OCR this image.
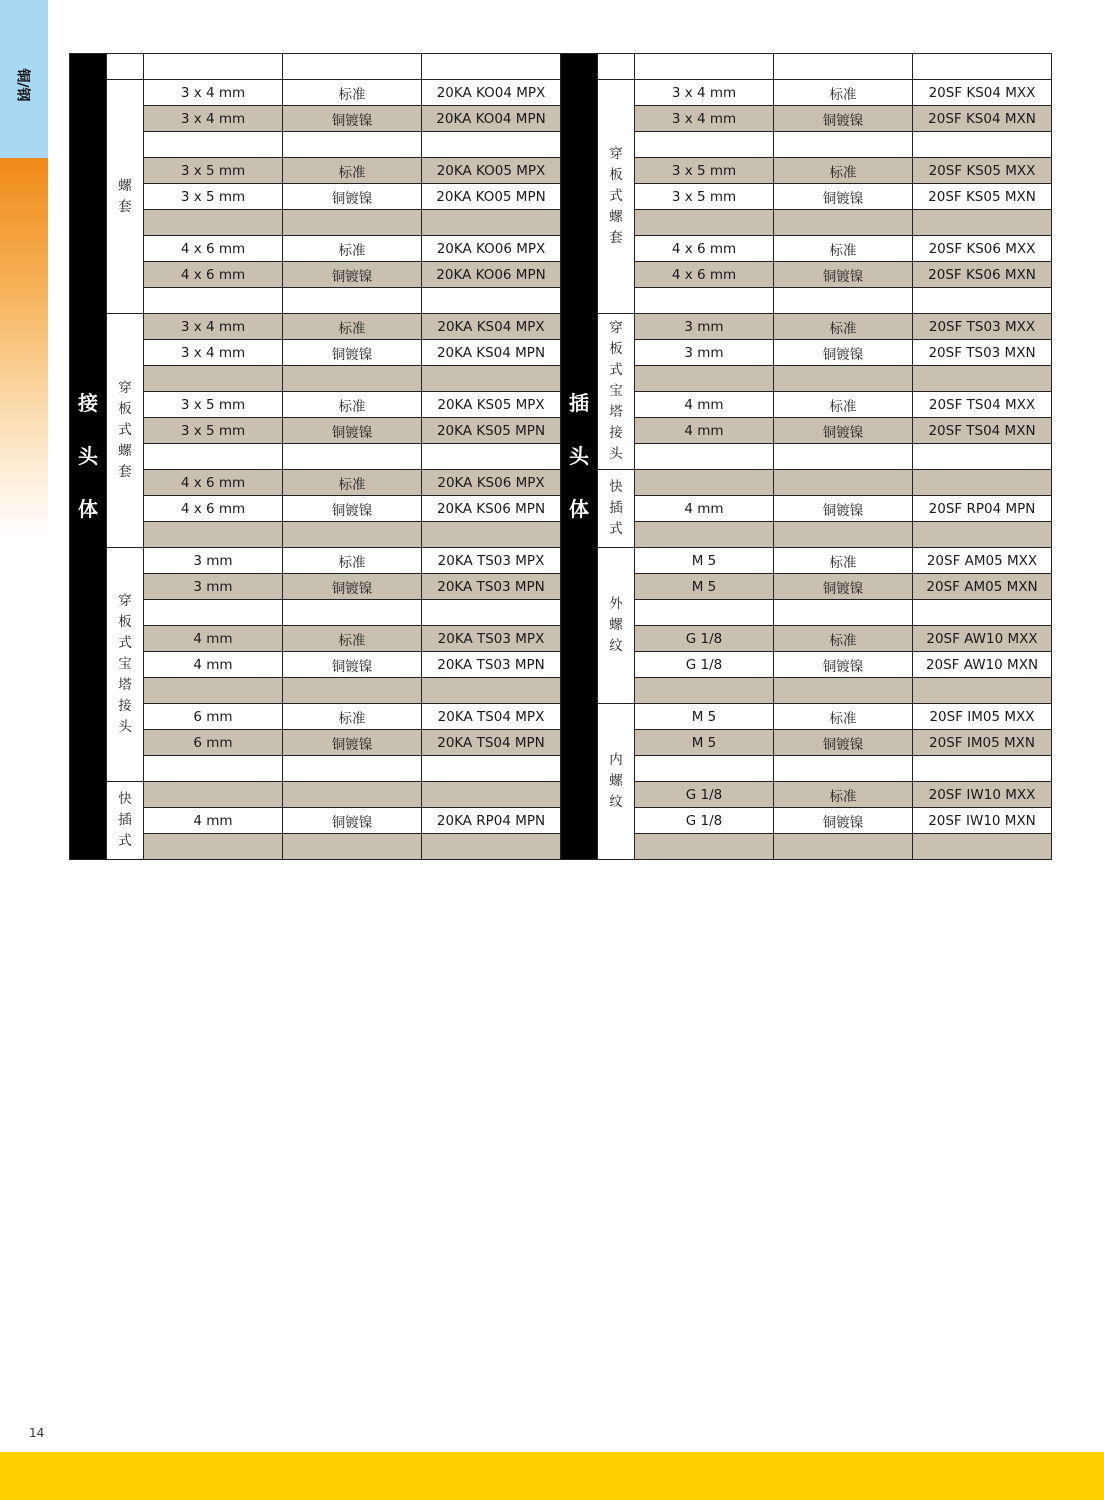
铜/钢
接头体					插头体				
	螺套	3 x 4 mm	标准	20KA KO04 MPX		穿板式螺套	3 x 4 mm	标准	20SF KS04 MXX
		3 x 4 mm	铜镀镍	20KA KO04 MPN			3 x 4 mm	铜镀镍	20SF KS04 MXN

		3 x 5 mm	标准	20KA KO05 MPX			3 x 5 mm	标准	20SF KS05 MXX
		3 x 5 mm	铜镀镍	20KA KO05 MPN			3 x 5 mm	铜镀镍	20SF KS05 MXN

		4 x 6 mm	标准	20KA KO06 MPX			4 x 6 mm	标准	20SF KS06 MXX
		4 x 6 mm	铜镀镍	20KA KO06 MPN			4 x 6 mm	铜镀镍	20SF KS06 MXN

	穿板式螺套	3 x 4 mm	标准	20KA KS04 MPX		穿板式宝塔接头	3 mm	标准	20SF TS03 MXX
		3 x 4 mm	铜镀镍	20KA KS04 MPN			3 mm	铜镀镍	20SF TS03 MXN

		3 x 5 mm	标准	20KA KS05 MPX			4 mm	标准	20SF TS04 MXX
		3 x 5 mm	铜镀镍	20KA KS05 MPN			4 mm	铜镀镍	20SF TS04 MXN

		4 x 6 mm	标准	20KA KS06 MPX		快插式			
		4 x 6 mm	铜镀镍	20KA KS06 MPN			4 mm	铜镀镍	20SF RP04 MPN

	穿板式宝塔接头	3 mm	标准	20KA TS03 MPX		外螺纹	M 5	标准	20SF AM05 MXX
		3 mm	铜镀镍	20KA TS03 MPN			M 5	铜镀镍	20SF AM05 MXN

		4 mm	标准	20KA TS03 MPX			G 1/8	标准	20SF AW10 MXX
		4 mm	铜镀镍	20KA TS03 MPN			G 1/8	铜镀镍	20SF AW10 MXN

		6 mm	标准	20KA TS04 MPX		内螺纹	M 5	标准	20SF IM05 MXX
		6 mm	铜镀镍	20KA TS04 MPN			M 5	铜镀镍	20SF IM05 MXN

	快插式						G 1/8	标准	20SF IW10 MXX
		4 mm	铜镀镍	20KA RP04 MPN			G 1/8	铜镀镍	20SF IW10 MXN

14
